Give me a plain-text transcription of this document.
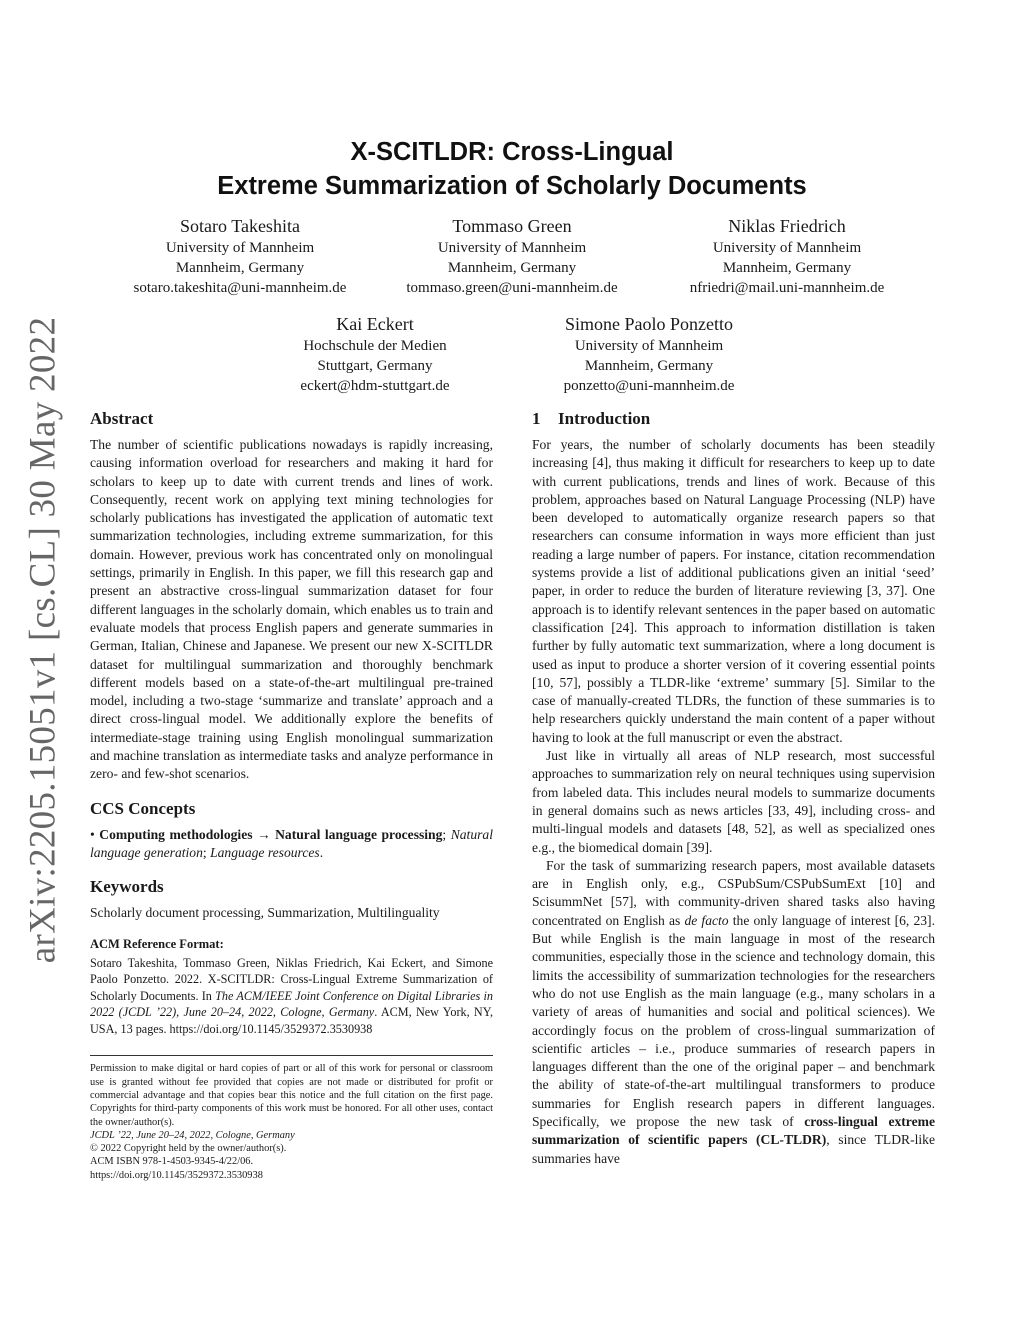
arXiv:2205.15051v1 [cs.CL] 30 May 2022
X-SCITLDR: Cross-Lingual
Extreme Summarization of Scholarly Documents
Sotaro Takeshita
University of Mannheim
Mannheim, Germany
sotaro.takeshita@uni-mannheim.de
Tommaso Green
University of Mannheim
Mannheim, Germany
tommaso.green@uni-mannheim.de
Niklas Friedrich
University of Mannheim
Mannheim, Germany
nfriedri@mail.uni-mannheim.de
Kai Eckert
Hochschule der Medien
Stuttgart, Germany
eckert@hdm-stuttgart.de
Simone Paolo Ponzetto
University of Mannheim
Mannheim, Germany
ponzetto@uni-mannheim.de
Abstract

The number of scientific publications nowadays is rapidly increasing, causing information overload for researchers and making it hard for scholars to keep up to date with current trends and lines of work. Consequently, recent work on applying text mining technologies for scholarly publications has investigated the application of automatic text summarization technologies, including extreme summarization, for this domain. However, previous work has concentrated only on monolingual settings, primarily in English. In this paper, we fill this research gap and present an abstractive cross-lingual summarization dataset for four different languages in the scholarly domain, which enables us to train and evaluate models that process English papers and generate summaries in German, Italian, Chinese and Japanese. We present our new X-SCITLDR dataset for multilingual summarization and thoroughly benchmark different models based on a state-of-the-art multilingual pre-trained model, including a two-stage ‘summarize and translate’ approach and a direct cross-lingual model. We additionally explore the benefits of intermediate-stage training using English monolingual summarization and machine translation as intermediate tasks and analyze performance in zero- and few-shot scenarios.

CCS Concepts

• Computing methodologies → Natural language processing; Natural language generation; Language resources.

Keywords

Scholarly document processing, Summarization, Multilinguality

ACM Reference Format:

Sotaro Takeshita, Tommaso Green, Niklas Friedrich, Kai Eckert, and Simone Paolo Ponzetto. 2022. X-SCITLDR: Cross-Lingual Extreme Summarization of Scholarly Documents. In The ACM/IEEE Joint Conference on Digital Libraries in 2022 (JCDL ’22), June 20–24, 2022, Cologne, Germany. ACM, New York, NY, USA, 13 pages. https://doi.org/10.1145/3529372.3530938

Permission to make digital or hard copies of part or all of this work for personal or classroom use is granted without fee provided that copies are not made or distributed for profit or commercial advantage and that copies bear this notice and the full citation on the first page. Copyrights for third-party components of this work must be honored. For all other uses, contact the owner/author(s).

JCDL ’22, June 20–24, 2022, Cologne, Germany

© 2022 Copyright held by the owner/author(s).

ACM ISBN 978-1-4503-9345-4/22/06.

https://doi.org/10.1145/3529372.3530938

1 Introduction

For years, the number of scholarly documents has been steadily increasing [4], thus making it difficult for researchers to keep up to date with current publications, trends and lines of work. Because of this problem, approaches based on Natural Language Processing (NLP) have been developed to automatically organize research papers so that researchers can consume information in ways more efficient than just reading a large number of papers. For instance, citation recommendation systems provide a list of additional publications given an initial ‘seed’ paper, in order to reduce the burden of literature reviewing [3, 37]. One approach is to identify relevant sentences in the paper based on automatic classification [24]. This approach to information distillation is taken further by fully automatic text summarization, where a long document is used as input to produce a shorter version of it covering essential points [10, 57], possibly a TLDR-like ‘extreme’ summary [5]. Similar to the case of manually-created TLDRs, the function of these summaries is to help researchers quickly understand the main content of a paper without having to look at the full manuscript or even the abstract.

Just like in virtually all areas of NLP research, most successful approaches to summarization rely on neural techniques using supervision from labeled data. This includes neural models to summarize documents in general domains such as news articles [33, 49], including cross- and multi-lingual models and datasets [48, 52], as well as specialized ones e.g., the biomedical domain [39].

For the task of summarizing research papers, most available datasets are in English only, e.g., CSPubSum/CSPubSumExt [10] and ScisummNet [57], with community-driven shared tasks also having concentrated on English as de facto the only language of interest [6, 23]. But while English is the main language in most of the research communities, especially those in the science and technology domain, this limits the accessibility of summarization technologies for the researchers who do not use English as the main language (e.g., many scholars in a variety of areas of humanities and social and political sciences). We accordingly focus on the problem of cross-lingual summarization of scientific articles – i.e., produce summaries of research papers in languages different than the one of the original paper – and benchmark the ability of state-of-the-art multilingual transformers to produce summaries for English research papers in different languages. Specifically, we propose the new task of cross-lingual extreme summarization of scientific papers (CL-TLDR), since TLDR-like summaries have
